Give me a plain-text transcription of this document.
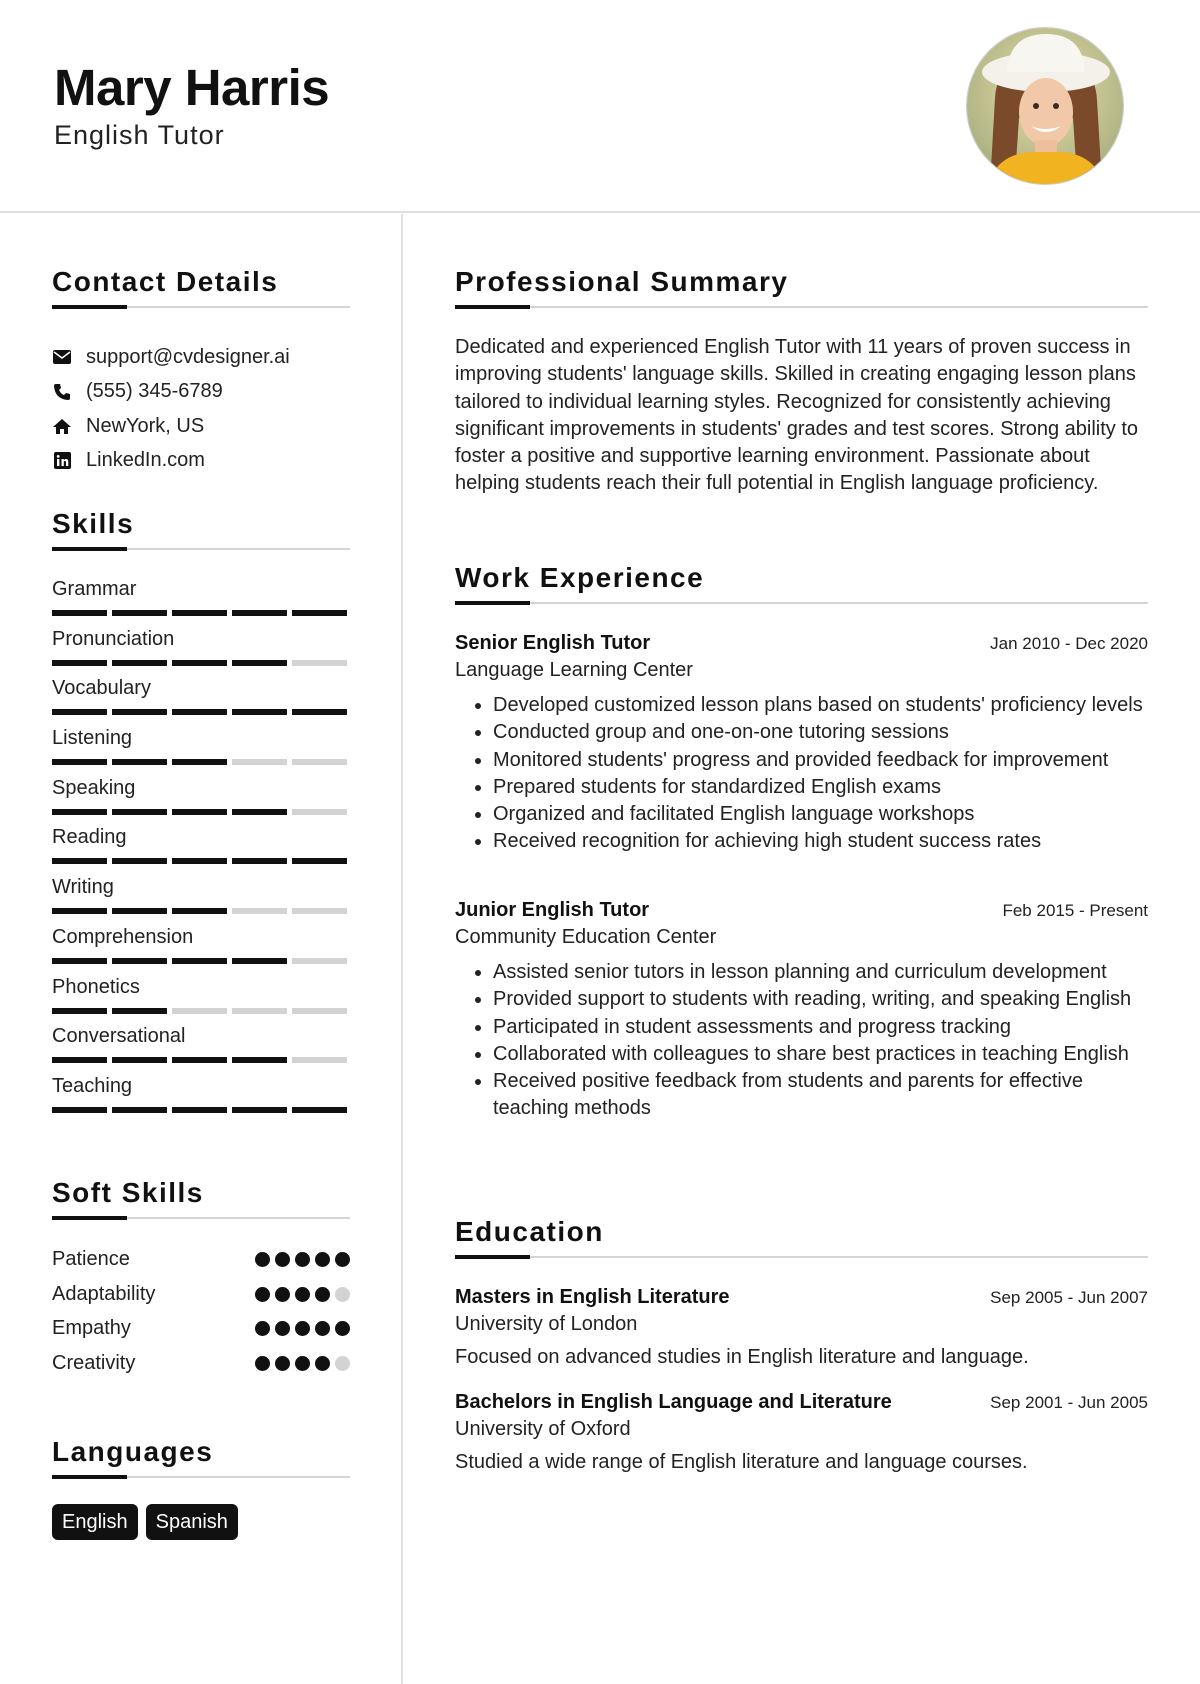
Mary Harris
English Tutor
Contact Details
support@cvdesigner.ai
(555) 345-6789
NewYork, US
LinkedIn.com
Skills
Grammar
Pronunciation
Vocabulary
Listening
Speaking
Reading
Writing
Comprehension
Phonetics
Conversational
Teaching
Soft Skills
Patience
Adaptability
Empathy
Creativity
Languages
English	Spanish
Professional Summary
Dedicated and experienced English Tutor with 11 years of proven success in improving students' language skills. Skilled in creating engaging lesson plans tailored to individual learning styles. Recognized for consistently achieving significant improvements in students' grades and test scores. Strong ability to foster a positive and supportive learning environment. Passionate about helping students reach their full potential in English language proficiency.
Work Experience
Senior English Tutor	Jan 2010 - Dec 2020
Language Learning Center
• Developed customized lesson plans based on students' proficiency levels
• Conducted group and one-on-one tutoring sessions
• Monitored students' progress and provided feedback for improvement
• Prepared students for standardized English exams
• Organized and facilitated English language workshops
• Received recognition for achieving high student success rates
Junior English Tutor	Feb 2015 - Present
Community Education Center
• Assisted senior tutors in lesson planning and curriculum development
• Provided support to students with reading, writing, and speaking English
• Participated in student assessments and progress tracking
• Collaborated with colleagues to share best practices in teaching English
• Received positive feedback from students and parents for effective teaching methods
Education
Masters in English Literature	Sep 2005 - Jun 2007
University of London
Focused on advanced studies in English literature and language.
Bachelors in English Language and Literature	Sep 2001 - Jun 2005
University of Oxford
Studied a wide range of English literature and language courses.
